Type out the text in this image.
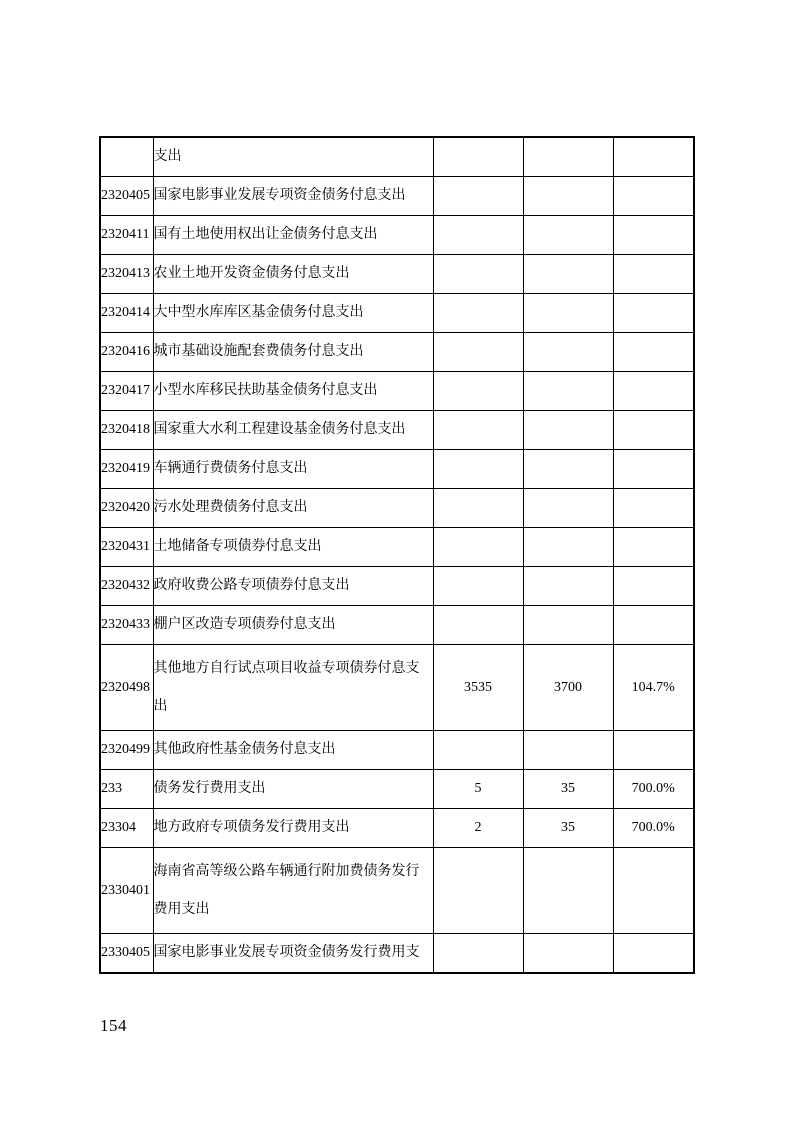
	支出			

2320405	国家电影事业发展专项资金债务付息支出			

2320411	国有土地使用权出让金债务付息支出			

2320413	农业土地开发资金债务付息支出			

2320414	大中型水库库区基金债务付息支出			

2320416	城市基础设施配套费债务付息支出			

2320417	小型水库移民扶助基金债务付息支出			

2320418	国家重大水利工程建设基金债务付息支出			

2320419	车辆通行费债务付息支出			

2320420	污水处理费债务付息支出			

2320431	土地储备专项债券付息支出			

2320432	政府收费公路专项债券付息支出			

2320433	棚户区改造专项债券付息支出			

2320498	其他地方自行试点项目收益专项债券付息支
出	3535	3700	104.7%
2320499	其他政府性基金债务付息支出			

233	债务发行费用支出	5	35	700.0%
23304	地方政府专项债务发行费用支出	2	35	700.0%
2330401	海南省高等级公路车辆通行附加费债务发行
费用支出			

2330405	国家电影事业发展专项资金债务发行费用支			

154
